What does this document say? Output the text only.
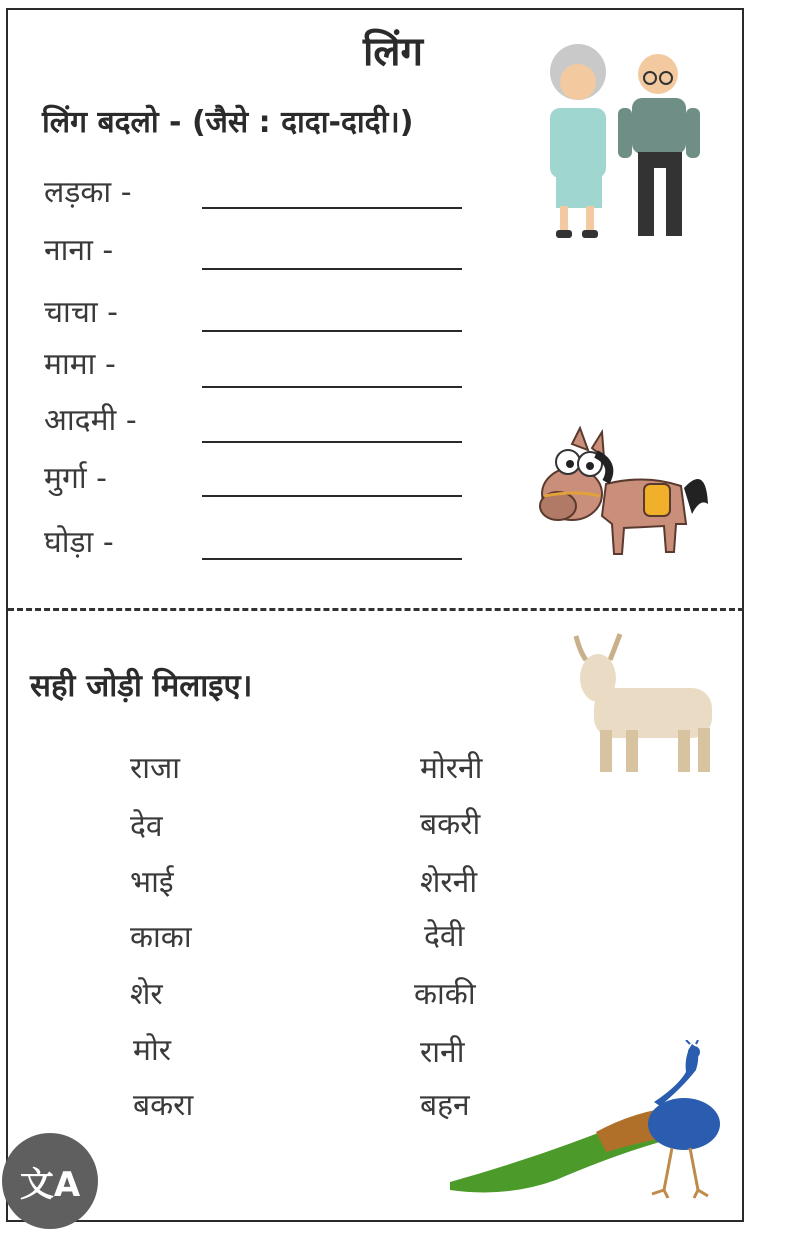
लिंग
लिंग बदलो - (जैसे : दादा-दादी।)
लड़का -
नाना -
चाचा -
मामा -
आदमी -
मुर्गा -
घोड़ा -
सही जोड़ी मिलाइए।
राजा
देव
भाई
काका
शेर
मोर
बकरा
मोरनी
बकरी
शेरनी
देवी
काकी
रानी
बहन
文A
